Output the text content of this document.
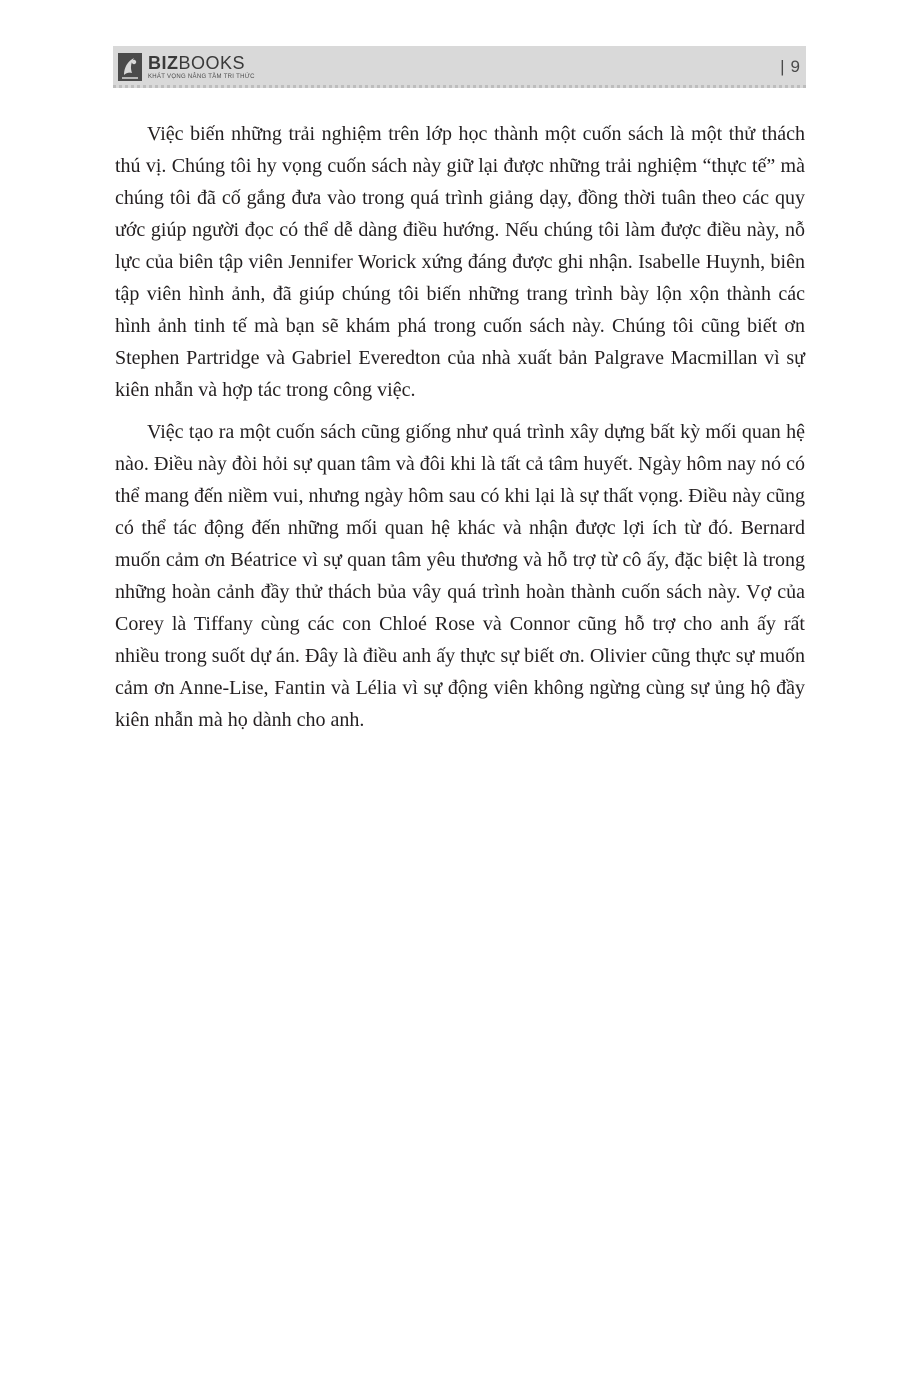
BIZBOOKS
KHÁT VỌNG NÂNG TẦM TRI THỨC
| 9

Việc biến những trải nghiệm trên lớp học thành một cuốn sách là một thử thách thú vị. Chúng tôi hy vọng cuốn sách này giữ lại được những trải nghiệm “thực tế” mà chúng tôi đã cố gắng đưa vào trong quá trình giảng dạy, đồng thời tuân theo các quy ước giúp người đọc có thể dễ dàng điều hướng. Nếu chúng tôi làm được điều này, nỗ lực của biên tập viên Jennifer Worick xứng đáng được ghi nhận. Isabelle Huynh, biên tập viên hình ảnh, đã giúp chúng tôi biến những trang trình bày lộn xộn thành các hình ảnh tinh tế mà bạn sẽ khám phá trong cuốn sách này. Chúng tôi cũng biết ơn Stephen Partridge và Gabriel Everedton của nhà xuất bản Palgrave Macmillan vì sự kiên nhẫn và hợp tác trong công việc.

Việc tạo ra một cuốn sách cũng giống như quá trình xây dựng bất kỳ mối quan hệ nào. Điều này đòi hỏi sự quan tâm và đôi khi là tất cả tâm huyết. Ngày hôm nay nó có thể mang đến niềm vui, nhưng ngày hôm sau có khi lại là sự thất vọng. Điều này cũng có thể tác động đến những mối quan hệ khác và nhận được lợi ích từ đó. Bernard muốn cảm ơn Béatrice vì sự quan tâm yêu thương và hỗ trợ từ cô ấy, đặc biệt là trong những hoàn cảnh đầy thử thách bủa vây quá trình hoàn thành cuốn sách này. Vợ của Corey là Tiffany cùng các con Chloé Rose và Connor cũng hỗ trợ cho anh ấy rất nhiều trong suốt dự án. Đây là điều anh ấy thực sự biết ơn. Olivier cũng thực sự muốn cảm ơn Anne-Lise, Fantin và Lélia vì sự động viên không ngừng cùng sự ủng hộ đầy kiên nhẫn mà họ dành cho anh.
